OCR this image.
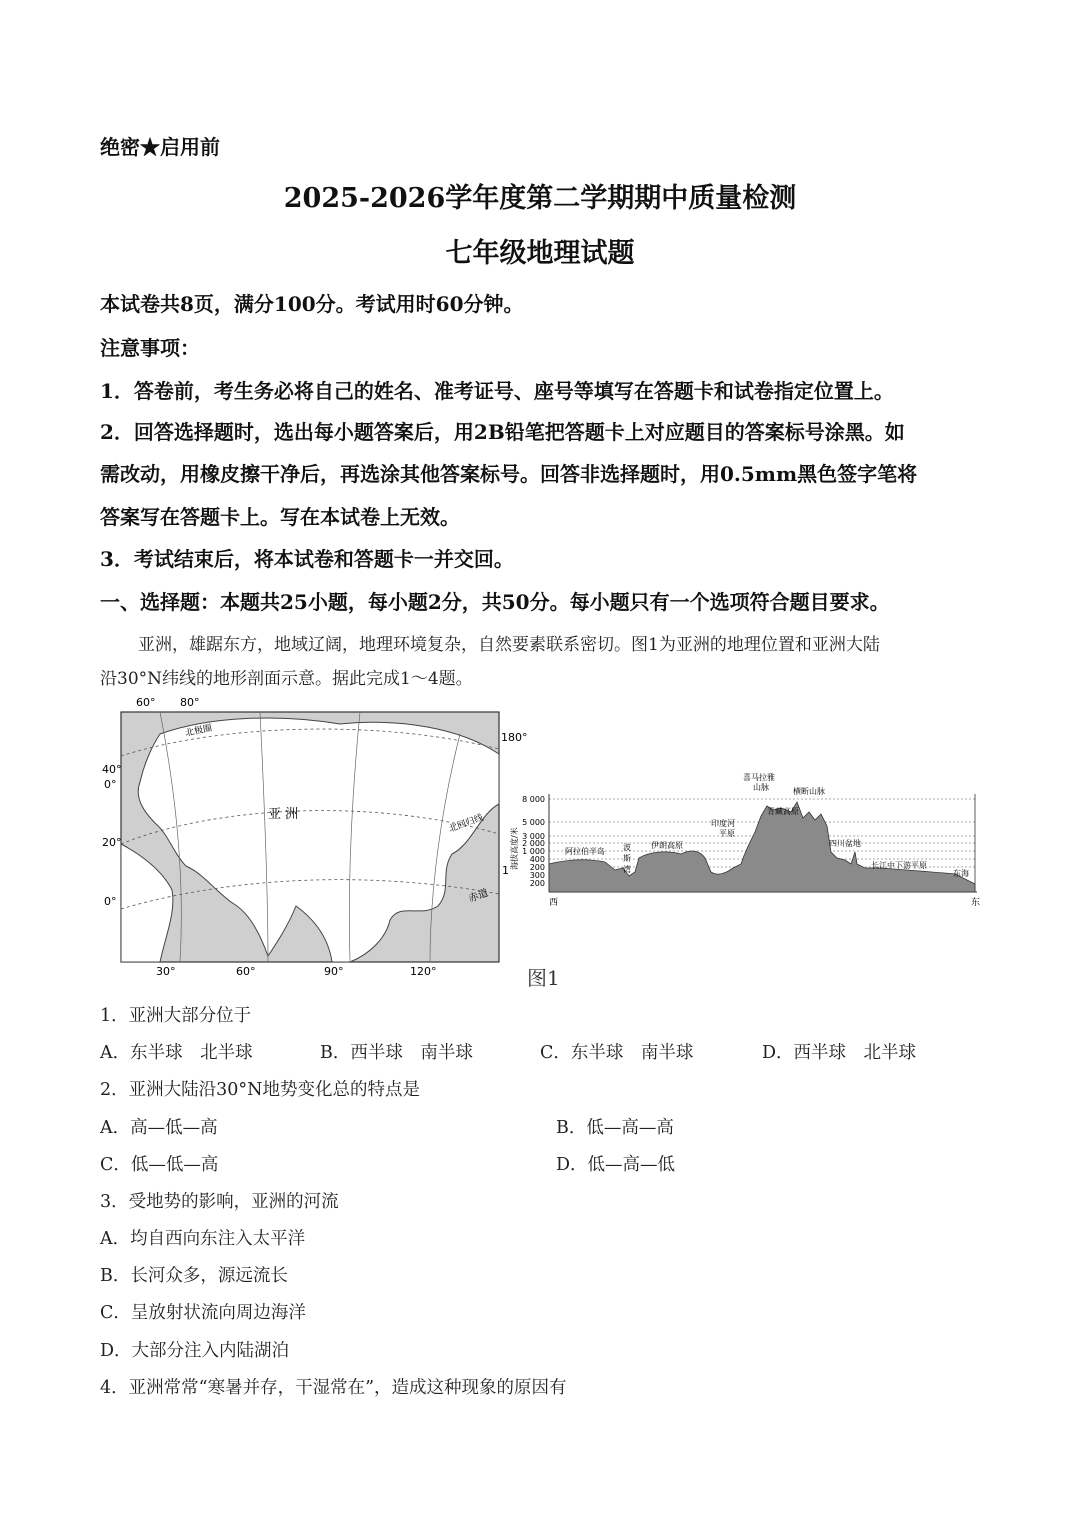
绝密★启用前
2025-2026学年度第二学期期中质量检测
七年级地理试题
本试卷共8页，满分100分。考试用时60分钟。
注意事项：
1．答卷前，考生务必将自己的姓名、准考证号、座号等填写在答题卡和试卷指定位置上。
2．回答选择题时，选出每小题答案后，用2B铅笔把答题卡上对应题目的答案标号涂黑。如
需改动，用橡皮擦干净后，再选涂其他答案标号。回答非选择题时，用0.5mm黑色签字笔将
答案写在答题卡上。写在本试卷上无效。
3．考试结束后，将本试卷和答题卡一并交回。
一、选择题：本题共25小题，每小题2分，共50分。每小题只有一个选项符合题目要求。
亚洲，雄踞东方，地域辽阔，地理环境复杂，自然要素联系密切。图1为亚洲的地理位置和亚洲大陆
沿30°N纬线的地形剖面示意。据此完成1～4题。
60° 80°
180°
40°
0°
20°
0°
30°	60°	90°	120°
北极圈
亚 洲	北回归线
赤道
1
8 000
5 000
3 000
2 000
1 000
400
200
300
200
海拔高度/米
西	东
喜马拉雅
山脉	横断山脉
青藏高原
印度河
平原
阿拉伯半岛 波
斯
湾
伊朗高原	四川盆地
长江中下游平原
东海
图1
1．亚洲大部分位于
A．东半球　北半球	B．西半球　南半球	C．东半球　南半球	D．西半球　北半球
2．亚洲大陆沿30°N地势变化总的特点是
A．高—低—高	B．低—高—高
C．低—低—高	D．低—高—低
3．受地势的影响，亚洲的河流
A．均自西向东注入太平洋
B．长河众多，源远流长
C．呈放射状流向周边海洋
D．大部分注入内陆湖泊
4．亚洲常常“寒暑并存，干湿常在”，造成这种现象的原因有
